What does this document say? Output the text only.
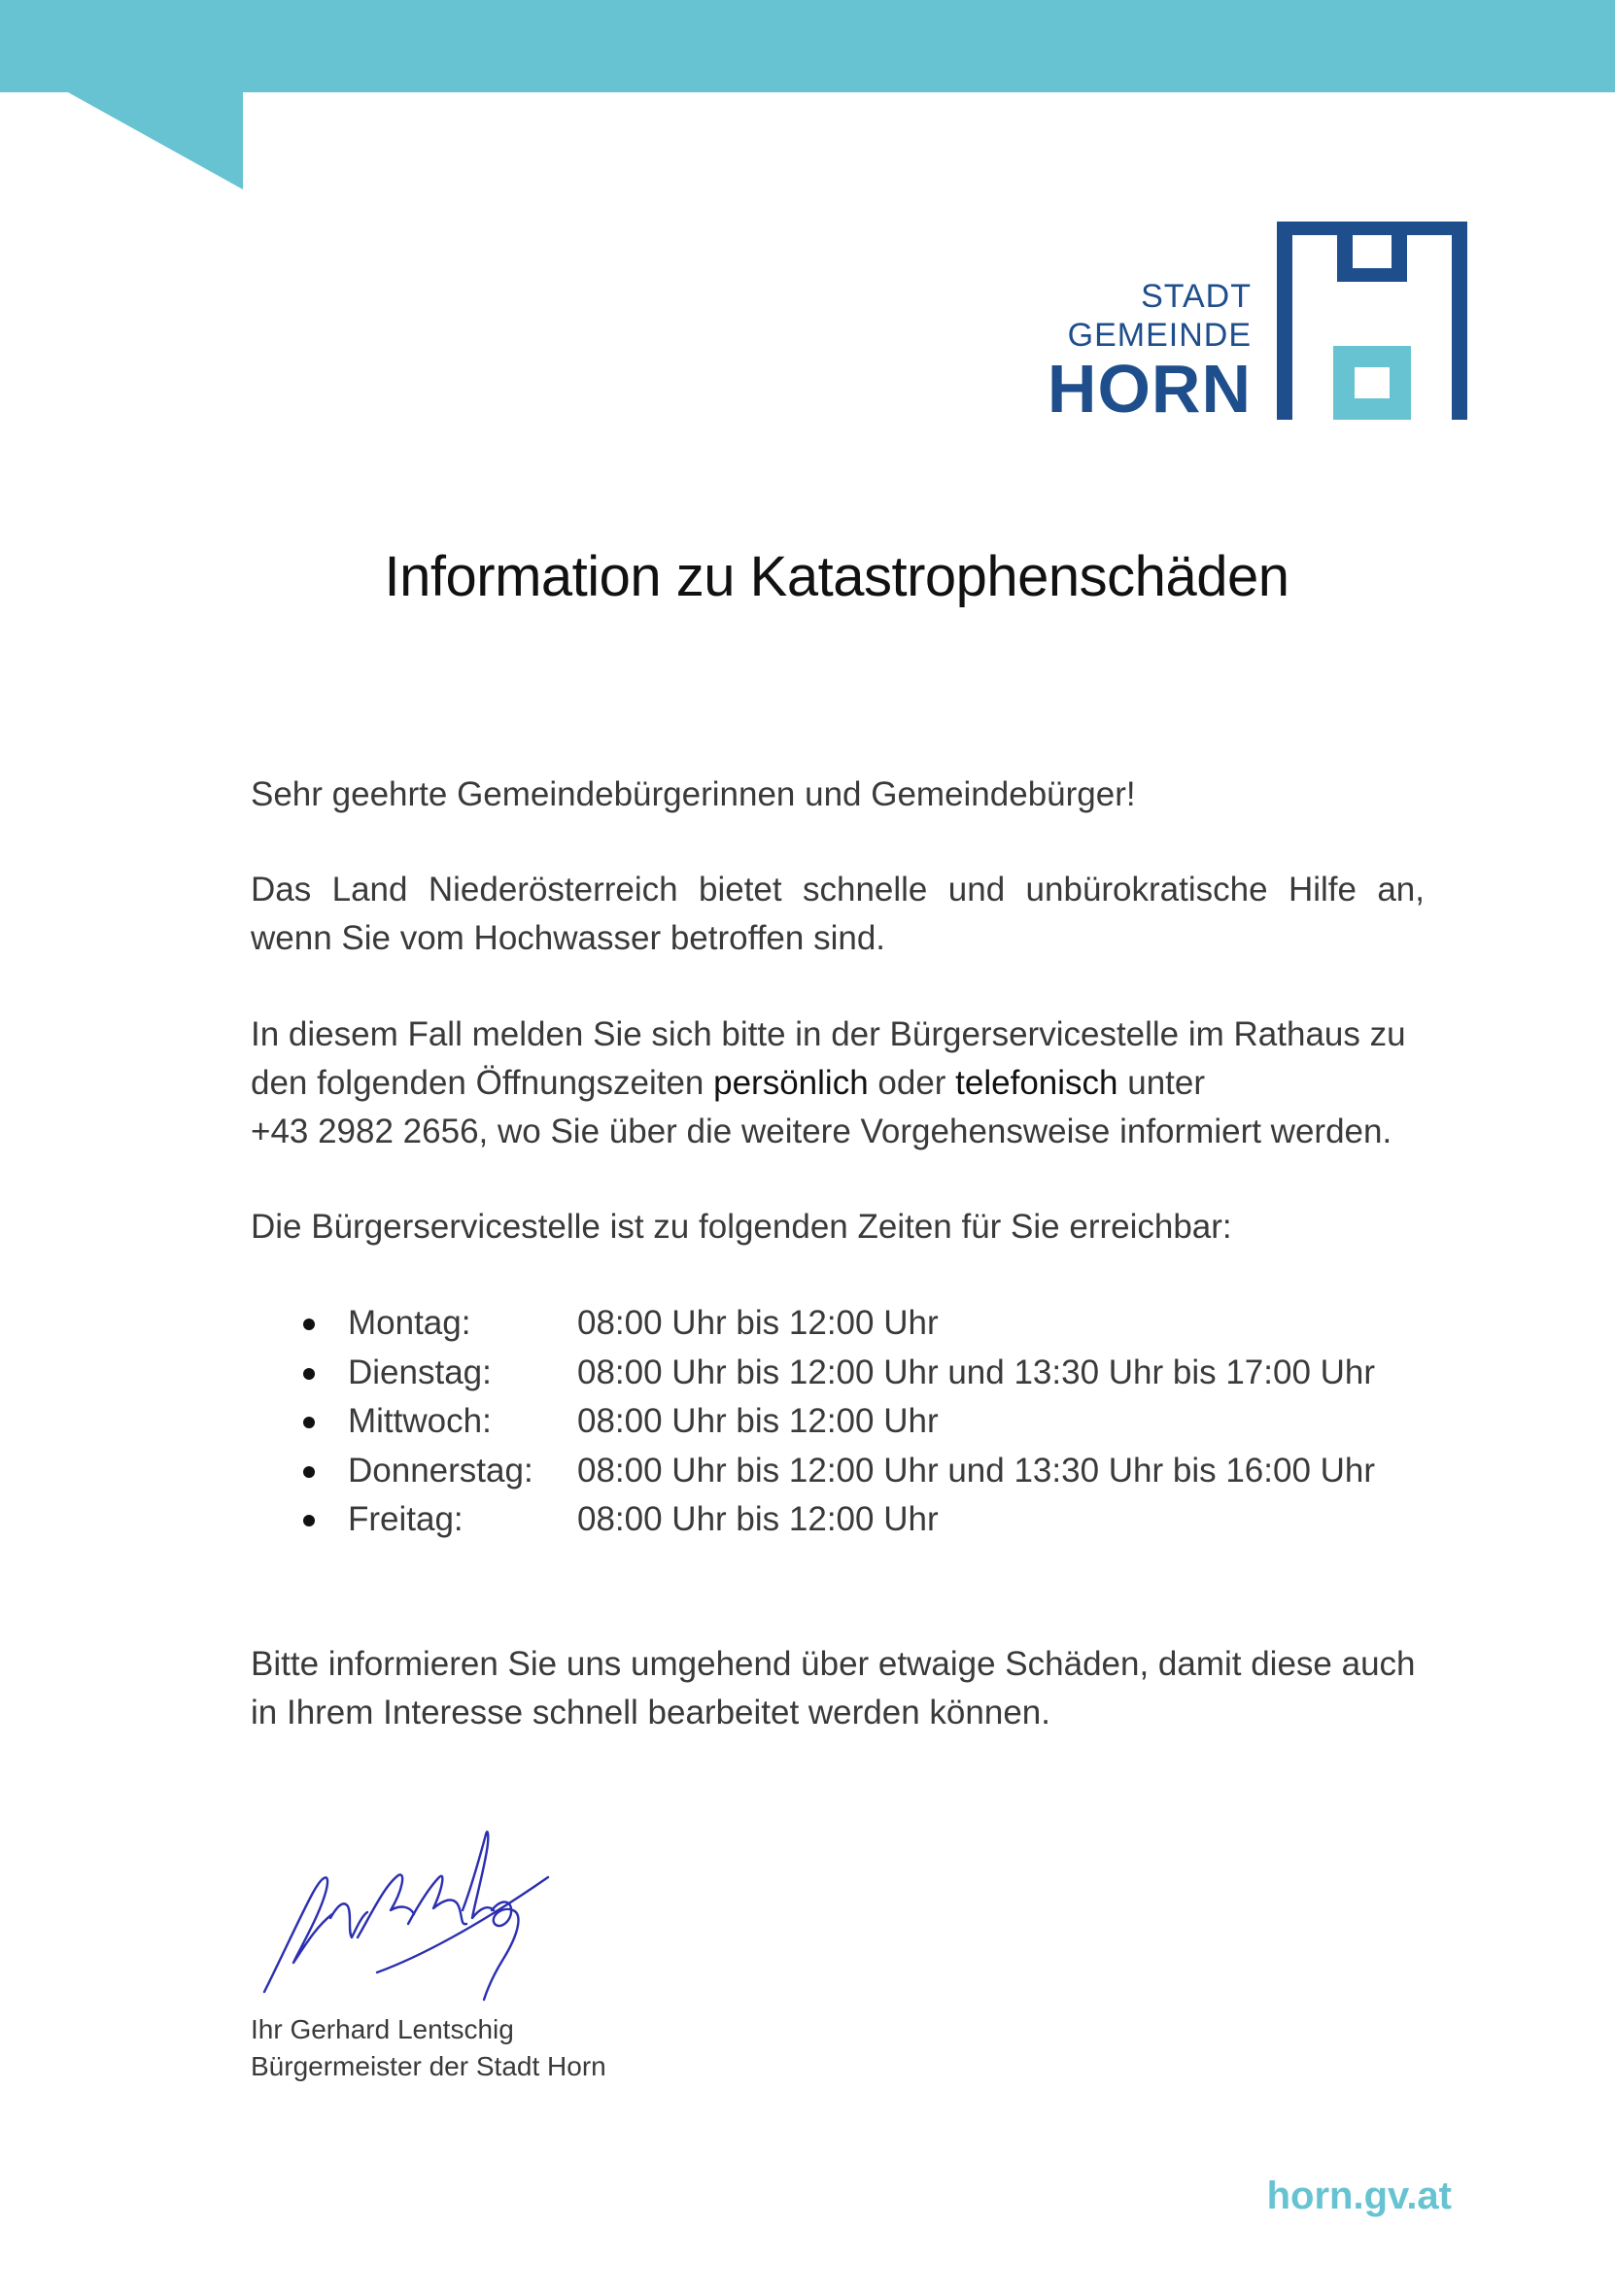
STADT
GEMEINDE
HORN
Information zu Katastrophenschäden
Sehr geehrte Gemeindebürgerinnen und Gemeindebürger!
Das Land Niederösterreich bietet schnelle und unbürokratische Hilfe an, wenn Sie vom Hochwasser betroffen sind.
In diesem Fall melden Sie sich bitte in der Bürgerservicestelle im Rathaus zu den folgenden Öffnungszeiten persönlich oder telefonisch unter
+43 2982 2656, wo Sie über die weitere Vorgehensweise informiert werden.
Die Bürgerservicestelle ist zu folgenden Zeiten für Sie erreichbar:
Montag:	08:00 Uhr bis 12:00 Uhr
Dienstag:	08:00 Uhr bis 12:00 Uhr und 13:30 Uhr bis 17:00 Uhr
Mittwoch:	08:00 Uhr bis 12:00 Uhr
Donnerstag: 08:00 Uhr bis 12:00 Uhr und 13:30 Uhr bis 16:00 Uhr
Freitag:	08:00 Uhr bis 12:00 Uhr
Bitte informieren Sie uns umgehend über etwaige Schäden, damit diese auch in Ihrem Interesse schnell bearbeitet werden können.
Ihr Gerhard Lentschig
Bürgermeister der Stadt Horn
horn.gv.at
